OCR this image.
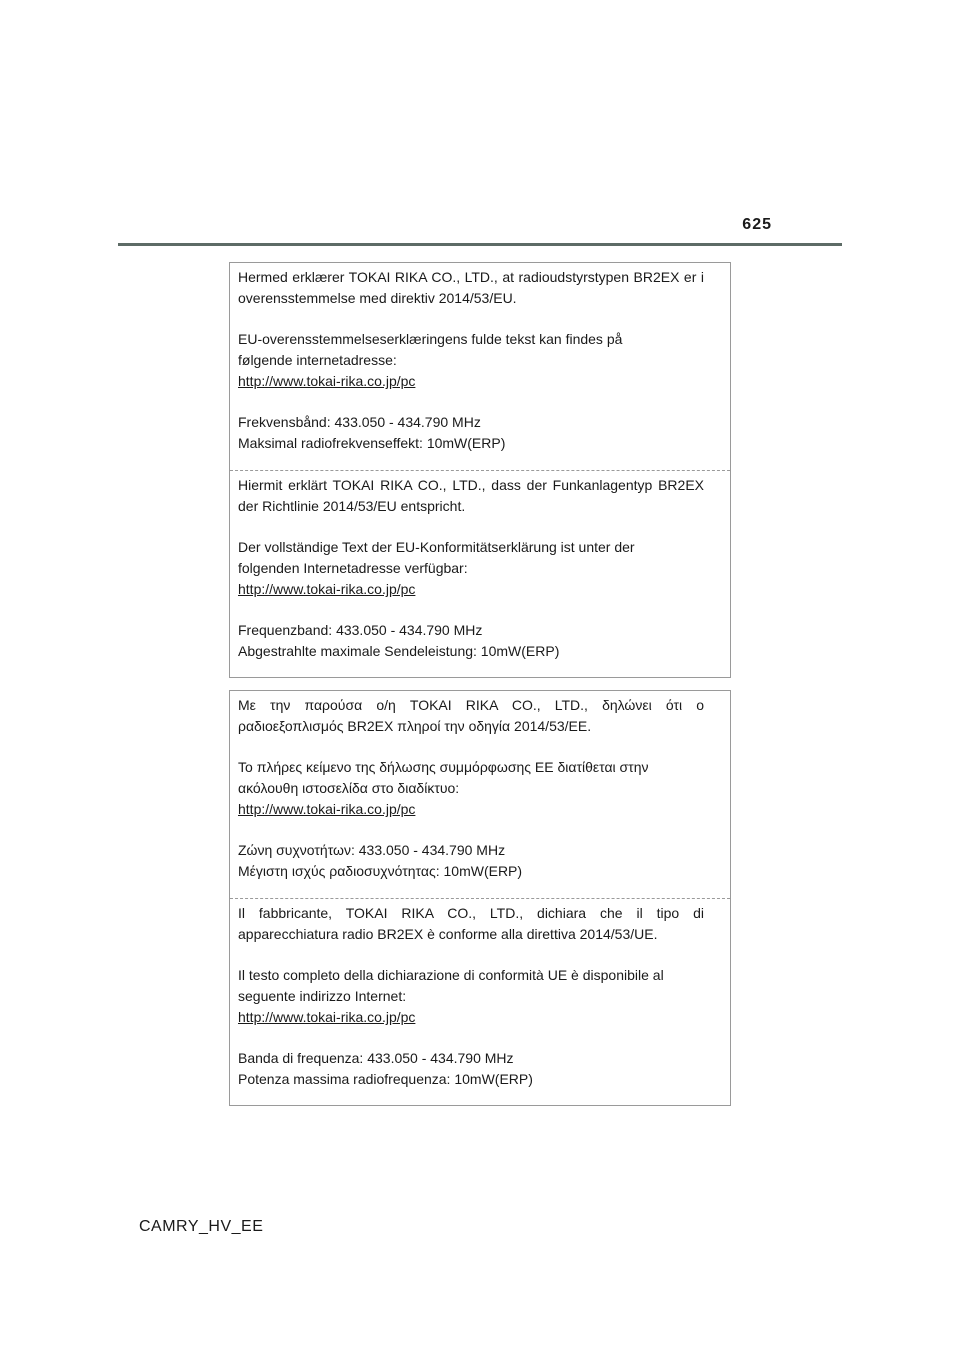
625

Hermed erklærer TOKAI RIKA CO., LTD., at radioudstyrstypen BR2EX er i overensstemmelse med direktiv 2014/53/EU.

EU-overensstemmelseserklæringens fulde tekst kan findes på
følgende internetadresse:
http://www.tokai-rika.co.jp/pc

Frekvensbånd: 433.050 - 434.790 MHz
Maksimal radiofrekvenseffekt: 10mW(ERP)

Hiermit erklärt TOKAI RIKA CO., LTD., dass der Funkanlagentyp BR2EX der Richtlinie 2014/53/EU entspricht.

Der vollständige Text der EU-Konformitätserklärung ist unter der
folgenden Internetadresse verfügbar:
http://www.tokai-rika.co.jp/pc

Frequenzband: 433.050 - 434.790 MHz
Abgestrahlte maximale Sendeleistung: 10mW(ERP)

Με την παρούσα ο/η TOKAI RIKA CO., LTD., δηλώνει ότι ο ραδιοεξοπλισμός BR2EX πληροί την οδηγία 2014/53/ΕΕ.

Το πλήρες κείμενο της δήλωσης συμμόρφωσης ΕΕ διατίθεται στην
ακόλουθη ιστοσελίδα στο διαδίκτυο:
http://www.tokai-rika.co.jp/pc

Ζώνη συχνοτήτων: 433.050 - 434.790 MHz
Μέγιστη ισχύς ραδιοσυχνότητας: 10mW(ERP)

Il fabbricante, TOKAI RIKA CO., LTD., dichiara che il tipo di apparecchiatura radio BR2EX è conforme alla direttiva 2014/53/UE.

Il testo completo della dichiarazione di conformità UE è disponibile al
seguente indirizzo Internet:
http://www.tokai-rika.co.jp/pc

Banda di frequenza: 433.050 - 434.790 MHz
Potenza massima radiofrequenza: 10mW(ERP)

CAMRY_HV_EE
